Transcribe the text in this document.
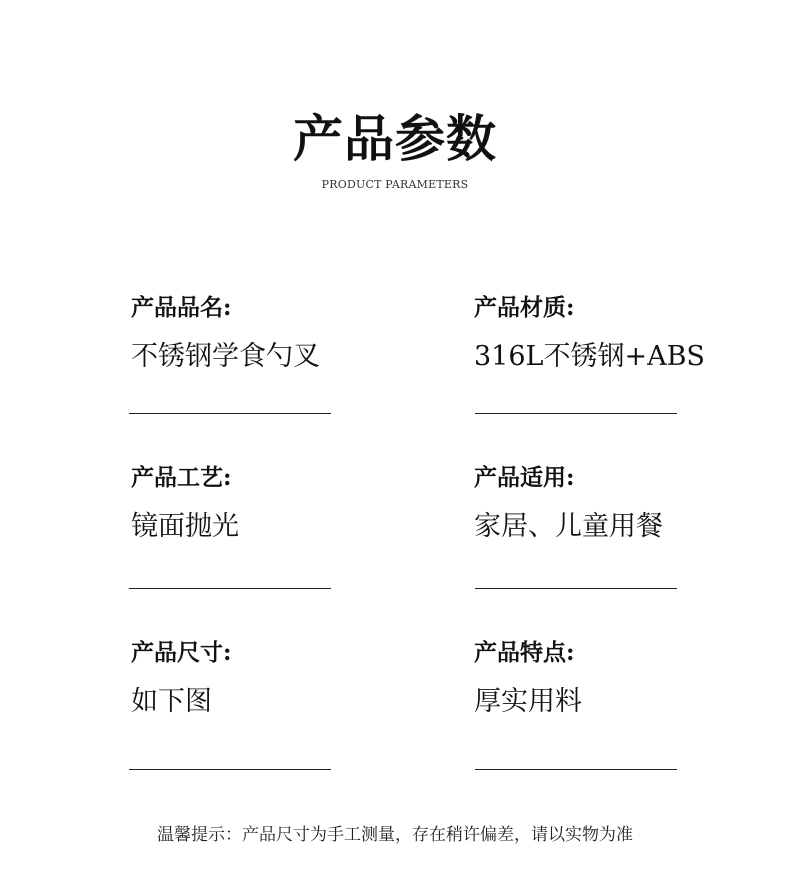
产品参数
PRODUCT PARAMETERS
产品品名:
不锈钢学食勺叉
产品材质:
316L不锈钢+ABS
产品工艺:
镜面抛光
产品适用:
家居、儿童用餐
产品尺寸:
如下图
产品特点:
厚实用料
温馨提示：产品尺寸为手工测量，存在稍许偏差，请以实物为准
